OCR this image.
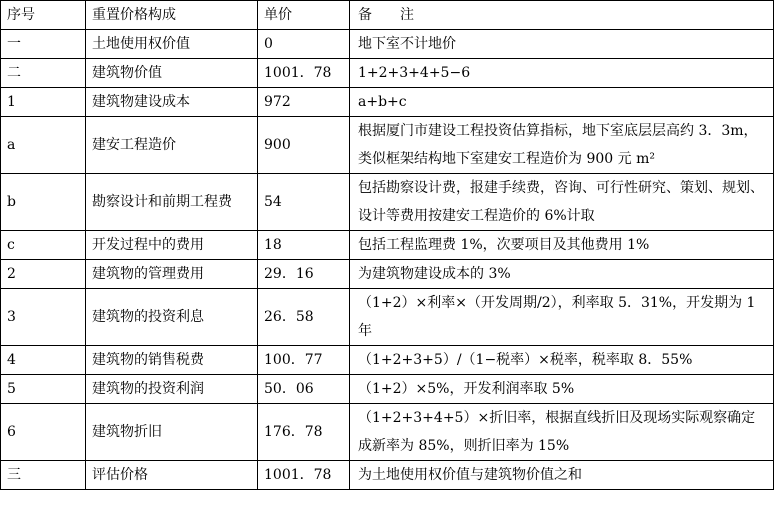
序号	重置价格构成	单价	备　　注
一	土地使用权价值	0	地下室不计地价
二	建筑物价值	1001．78	1+2+3+4+5−6
1	建筑物建设成本	972	a+b+c
a	建安工程造价	900	根据厦门市建设工程投资估算指标，地下室底层层高约 3．3m，类似框架结构地下室建安工程造价为 900 元 m²
b	勘察设计和前期工程费	54	包括勘察设计费，报建手续费，咨询、可行性研究、策划、规划、设计等费用按建安工程造价的 6%计取
c	开发过程中的费用	18	包括工程监理费 1%，次要项目及其他费用 1%
2	建筑物的管理费用	29．16	为建筑物建设成本的 3%
3	建筑物的投资利息	26．58	（1+2）×利率×（开发周期/2），利率取 5．31%，开发期为 1 年
4	建筑物的销售税费	100．77	（1+2+3+5）/（1−税率）×税率，税率取 8．55%
5	建筑物的投资利润	50．06	（1+2）×5%，开发利润率取 5%
6	建筑物折旧	176．78	（1+2+3+4+5）×折旧率，根据直线折旧及现场实际观察确定成新率为 85%，则折旧率为 15%
三	评估价格	1001．78	为土地使用权价值与建筑物价值之和
